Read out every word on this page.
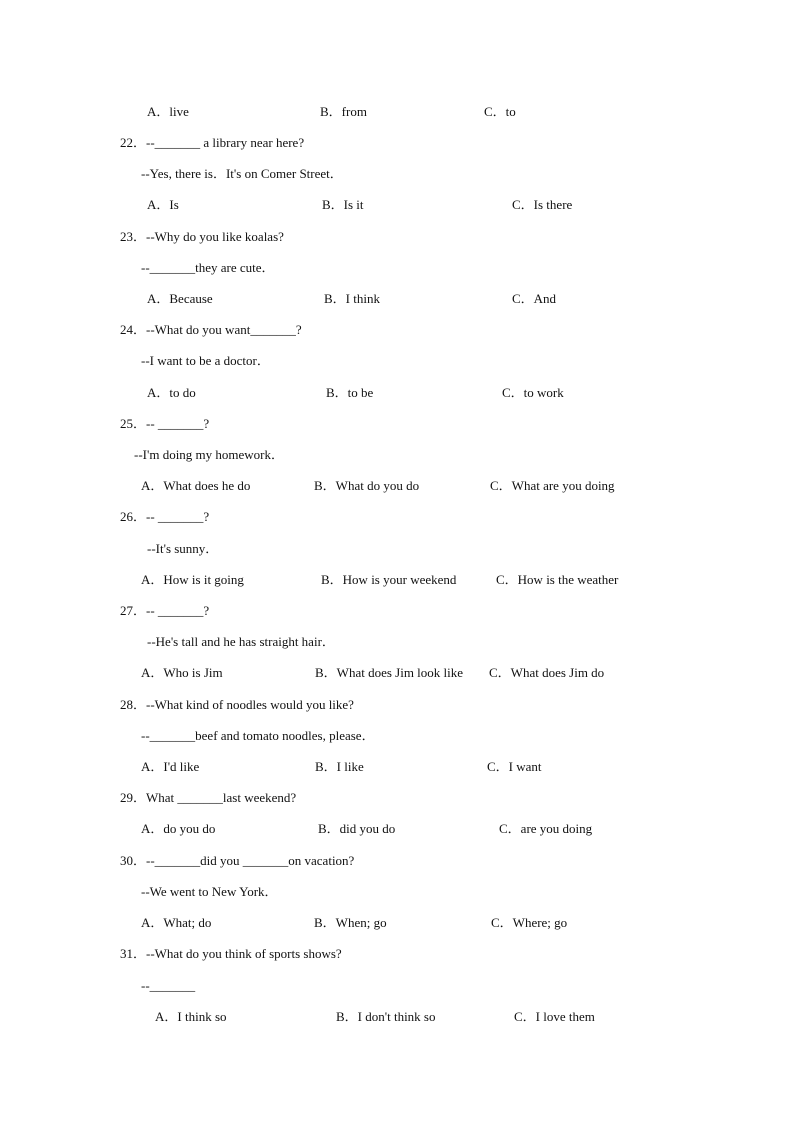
A．live	B．from	C．to
22．--_______ a library near here?
--Yes, there is．It's on Comer Street．
A．Is	B．Is it	C．Is there
23．--Why do you like koalas?
--_______they are cute．
A．Because	B．I think	C．And
24．--What do you want_______?
--I want to be a doctor．
A．to do	B．to be	C．to work
25．-- _______?
--I'm doing my homework．
A．What does he do	B．What do you do	C．What are you doing
26．-- _______?
--It's sunny．
A．How is it going	B．How is your weekend	C．How is the weather
27．-- _______?
--He's tall and he has straight hair．
A．Who is Jim	B．What does Jim look like C．What does Jim do
28．--What kind of noodles would you like?
--_______beef and tomato noodles, please．
A．I'd like	B．I like	C．I want
29．What _______last weekend?
A．do you do	B．did you do	C．are you doing
30．--_______did you _______on vacation?
--We went to New York．
A．What; do	B．When; go	C．Where; go
31．--What do you think of sports shows?
--_______
A．I think so	B．I don't think so	C．I love them
